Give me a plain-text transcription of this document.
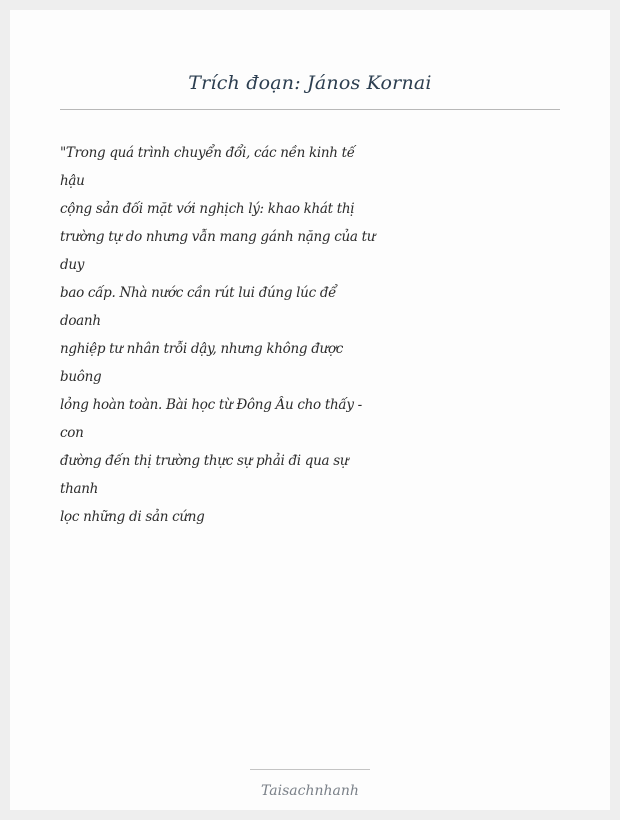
Trích đoạn: János Kornai
"Trong quá trình chuyển đổi, các nền kinh tế
hậu
cộng sản đối mặt với nghịch lý: khao khát thị
trường tự do nhưng vẫn mang gánh nặng của tư
duy
bao cấp. Nhà nước cần rút lui đúng lúc để
doanh
nghiệp tư nhân trỗi dậy, nhưng không được
buông
lỏng hoàn toàn. Bài học từ Đông Âu cho thấy -
con
đường đến thị trường thực sự phải đi qua sự
thanh
lọc những di sản cứng
Taisachnhanh
